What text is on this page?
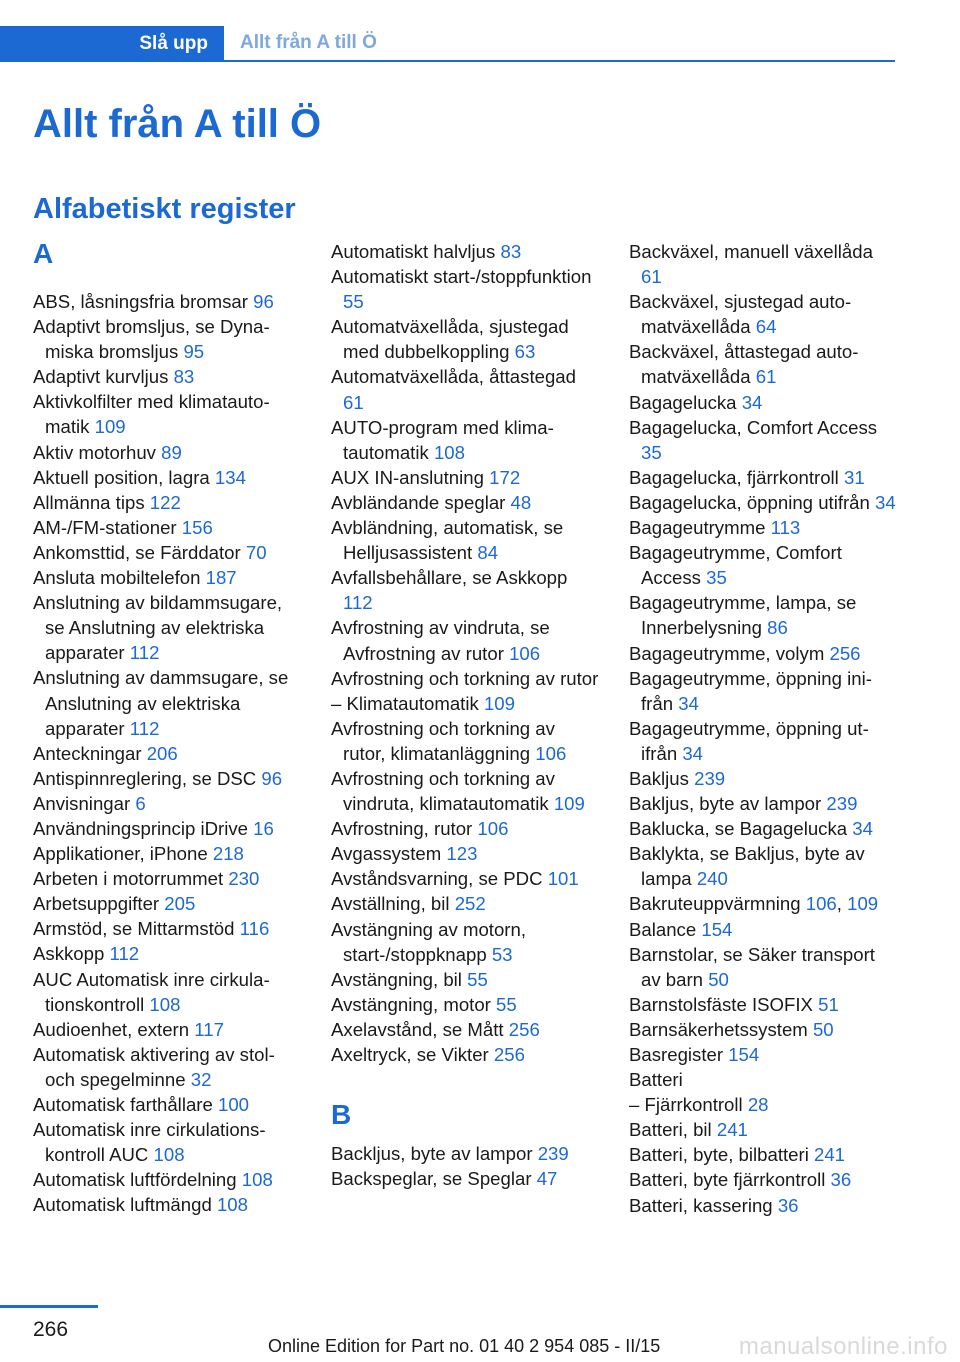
Slå upp	Allt från A till Ö
Allt från A till Ö
Alfabetiskt register
A
ABS, låsningsfria bromsar 96
Adaptivt bromsljus, se Dynamiska bromsljus 95
Adaptivt kurvljus 83
Aktivkolfilter med klimatautomatik 109
Aktiv motorhuv 89
Aktuell position, lagra 134
Allmänna tips 122
AM-/FM-stationer 156
Ankomsttid, se Färddator 70
Ansluta mobiltelefon 187
Anslutning av bildammsugare, se Anslutning av elektriska apparater 112
Anslutning av dammsugare, se Anslutning av elektriska apparater 112
Anteckningar 206
Antispinnreglering, se DSC 96
Anvisningar 6
Användningsprincip iDrive 16
Applikationer, iPhone 218
Arbeten i motorrummet 230
Arbetsuppgifter 205
Armstöd, se Mittarmstöd 116
Askkopp 112
AUC Automatisk inre cirkulationskontroll 108
Audioenhet, extern 117
Automatisk aktivering av stol- och spegelminne 32
Automatisk farthållare 100
Automatisk inre cirkulationskontroll AUC 108
Automatisk luftfördelning 108
Automatisk luftmängd 108
Automatiskt halvljus 83
Automatiskt start-/stoppfunktion 55
Automatväxellåda, sjustegad med dubbelkoppling 63
Automatväxellåda, åttastegad 61
AUTO-program med klimatautomatik 108
AUX IN-anslutning 172
Avbländande speglar 48
Avbländning, automatisk, se Helljusassistent 84
Avfallsbehållare, se Askkopp 112
Avfrostning av vindruta, se Avfrostning av rutor 106
Avfrostning och torkning av rutor
– Klimatautomatik 109
Avfrostning och torkning av rutor, klimatanläggning 106
Avfrostning och torkning av vindruta, klimatautomatik 109
Avfrostning, rutor 106
Avgassystem 123
Avståndsvarning, se PDC 101
Avställning, bil 252
Avstängning av motorn, start-/stoppknapp 53
Avstängning, bil 55
Avstängning, motor 55
Axelavstånd, se Mått 256
Axeltryck, se Vikter 256
B
Backljus, byte av lampor 239
Backspeglar, se Speglar 47
Backväxel, manuell växellåda 61
Backväxel, sjustegad automatväxellåda 64
Backväxel, åttastegad automatväxellåda 61
Bagagelucka 34
Bagagelucka, Comfort Access 35
Bagagelucka, fjärrkontroll 31
Bagagelucka, öppning utifrån 34
Bagageutrymme 113
Bagageutrymme, Comfort Access 35
Bagageutrymme, lampa, se Innerbelysning 86
Bagageutrymme, volym 256
Bagageutrymme, öppning inifrån 34
Bagageutrymme, öppning utifrån 34
Bakljus 239
Bakljus, byte av lampor 239
Baklucka, se Bagagelucka 34
Baklykta, se Bakljus, byte av lampa 240
Bakruteuppvärmning 106, 109
Balance 154
Barnstolar, se Säker transport av barn 50
Barnstolsfäste ISOFIX 51
Barnsäkerhetssystem 50
Basregister 154
Batteri
– Fjärrkontroll 28
Batteri, bil 241
Batteri, byte, bilbatteri 241
Batteri, byte fjärrkontroll 36
Batteri, kassering 36
266
Online Edition for Part no. 01 40 2 954 085 - II/15	manualsonline.info
